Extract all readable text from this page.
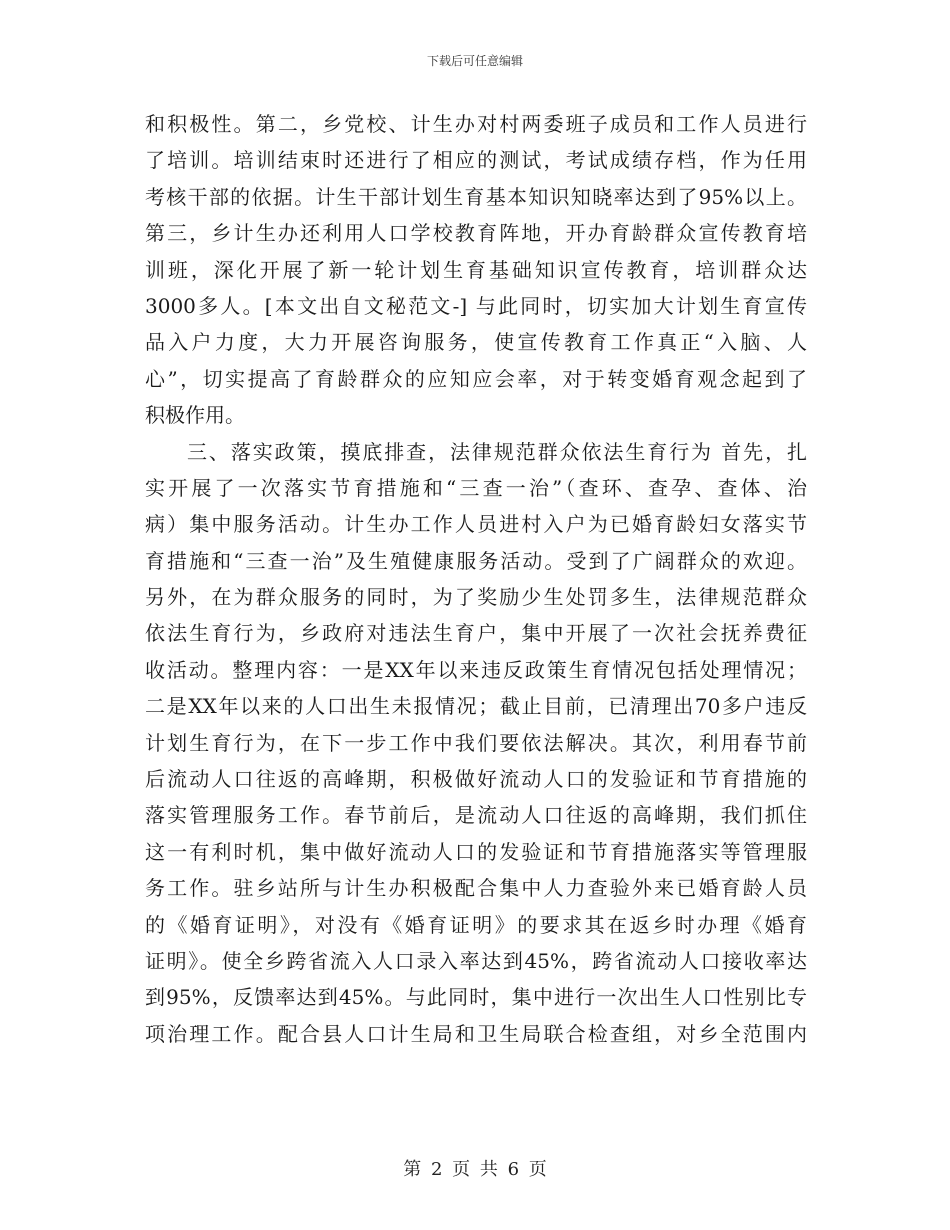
下载后可任意编辑
和积极性。第二，乡党校、计生办对村两委班子成员和工作人员进行
了培训。培训结束时还进行了相应的测试，考试成绩存档，作为任用
考核干部的依据。计生干部计划生育基本知识知晓率达到了95%以上。
第三，乡计生办还利用人口学校教育阵地，开办育龄群众宣传教育培
训班，深化开展了新一轮计划生育基础知识宣传教育，培训群众达
3000多人。[本文出自文秘范文-] 与此同时，切实加大计划生育宣传
品入户力度，大力开展咨询服务，使宣传教育工作真正“入脑、人
心”，切实提高了育龄群众的应知应会率，对于转变婚育观念起到了
积极作用。
三、落实政策，摸底排查，法律规范群众依法生育行为 首先，扎
实开展了一次落实节育措施和“三查一治”（查环、查孕、查体、治
病）集中服务活动。计生办工作人员进村入户为已婚育龄妇女落实节
育措施和“三查一治”及生殖健康服务活动。受到了广阔群众的欢迎。
另外，在为群众服务的同时，为了奖励少生处罚多生，法律规范群众
依法生育行为，乡政府对违法生育户，集中开展了一次社会抚养费征
收活动。整理内容：一是XX年以来违反政策生育情况包括处理情况；
二是XX年以来的人口出生未报情况；截止目前，已清理出70多户违反
计划生育行为，在下一步工作中我们要依法解决。其次，利用春节前
后流动人口往返的高峰期，积极做好流动人口的发验证和节育措施的
落实管理服务工作。春节前后，是流动人口往返的高峰期，我们抓住
这一有利时机，集中做好流动人口的发验证和节育措施落实等管理服
务工作。驻乡站所与计生办积极配合集中人力查验外来已婚育龄人员
的《婚育证明》，对没有《婚育证明》的要求其在返乡时办理《婚育
证明》。使全乡跨省流入人口录入率达到45%，跨省流动人口接收率达
到95%，反馈率达到45%。与此同时，集中进行一次出生人口性别比专
项治理工作。配合县人口计生局和卫生局联合检查组，对乡全范围内
第 2 页 共 6 页
